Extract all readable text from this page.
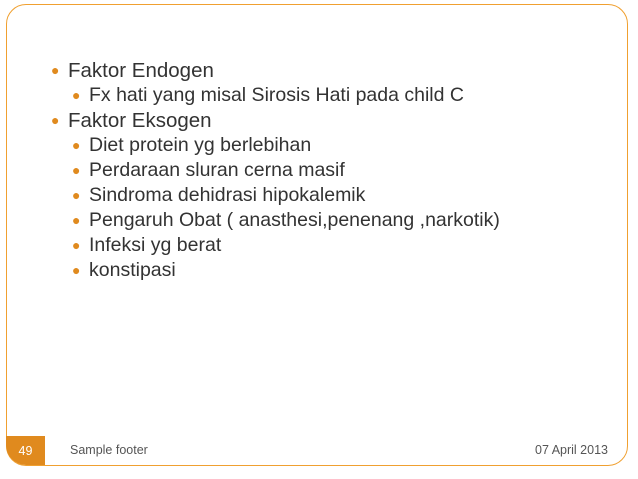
● Faktor Endogen
● Fx hati yang misal Sirosis Hati pada child C
● Faktor Eksogen
● Diet protein yg berlebihan
● Perdaraan sluran cerna masif
● Sindroma dehidrasi hipokalemik
● Pengaruh Obat ( anasthesi,penenang ,narkotik)
● Infeksi yg berat
● konstipasi
49	Sample footer	07 April 2013
